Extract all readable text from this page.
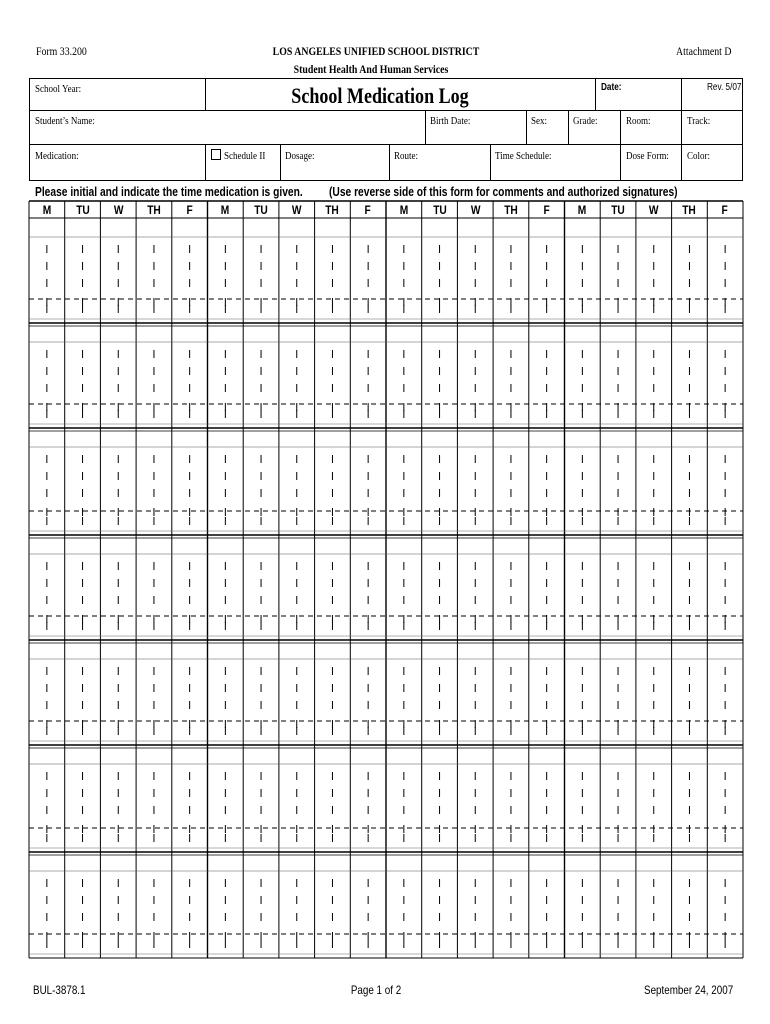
Form 33.200	LOS ANGELES UNIFIED SCHOOL DISTRICT	Attachment D
Student Health And Human Services
School Year:	School Medication Log	Date:	Rev. 5/07
Student’s Name:	Birth Date:	Sex: Grade:	Room:	Track:
Medication:	Schedule II Dosage:	Route:	Time Schedule:	Dose Form: Color:
Please initial and indicate the time medication is given. (Use reverse side of this form for comments and authorized signatures)
M	TU	W	TH	F	M	TU	W	TH	F	M	TU	W	TH	F	M	TU	W	TH	F
BUL-3878.1	Page 1 of 2	September 24, 2007
